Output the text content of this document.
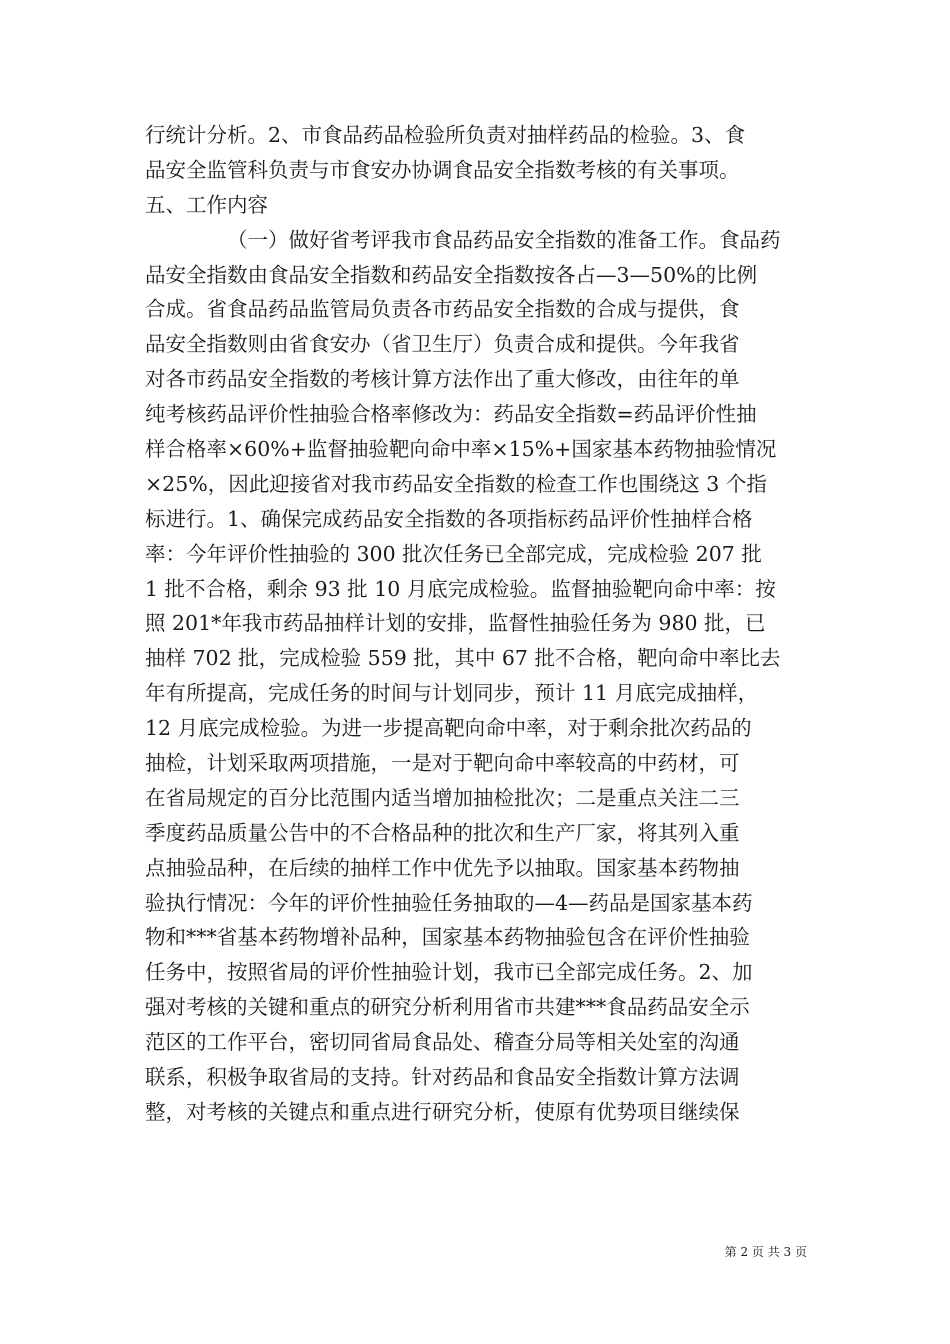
行统计分析。2、市食品药品检验所负责对抽样药品的检验。3、食
品安全监管科负责与市食安办协调食品安全指数考核的有关事项。
五、工作内容
（一）做好省考评我市食品药品安全指数的准备工作。食品药
品安全指数由食品安全指数和药品安全指数按各占—3—50%的比例
合成。省食品药品监管局负责各市药品安全指数的合成与提供，食
品安全指数则由省食安办（省卫生厅）负责合成和提供。今年我省
对各市药品安全指数的考核计算方法作出了重大修改，由往年的单
纯考核药品评价性抽验合格率修改为：药品安全指数=药品评价性抽
样合格率×60%+监督抽验靶向命中率×15%+国家基本药物抽验情况
×25%，因此迎接省对我市药品安全指数的检查工作也围绕这 3 个指
标进行。1、确保完成药品安全指数的各项指标药品评价性抽样合格
率：今年评价性抽验的 300 批次任务已全部完成，完成检验 207 批
1 批不合格，剩余 93 批 10 月底完成检验。监督抽验靶向命中率：按
照 201*年我市药品抽样计划的安排，监督性抽验任务为 980 批，已
抽样 702 批，完成检验 559 批，其中 67 批不合格，靶向命中率比去
年有所提高，完成任务的时间与计划同步，预计 11 月底完成抽样，
12 月底完成检验。为进一步提高靶向命中率，对于剩余批次药品的
抽检，计划采取两项措施，一是对于靶向命中率较高的中药材，可
在省局规定的百分比范围内适当增加抽检批次；二是重点关注二三
季度药品质量公告中的不合格品种的批次和生产厂家，将其列入重
点抽验品种，在后续的抽样工作中优先予以抽取。国家基本药物抽
验执行情况：今年的评价性抽验任务抽取的—4—药品是国家基本药
物和***省基本药物增补品种，国家基本药物抽验包含在评价性抽验
任务中，按照省局的评价性抽验计划，我市已全部完成任务。2、加
强对考核的关键和重点的研究分析利用省市共建***食品药品安全示
范区的工作平台，密切同省局食品处、稽查分局等相关处室的沟通
联系，积极争取省局的支持。针对药品和食品安全指数计算方法调
整，对考核的关键点和重点进行研究分析，使原有优势项目继续保
第 2 页 共 3 页
